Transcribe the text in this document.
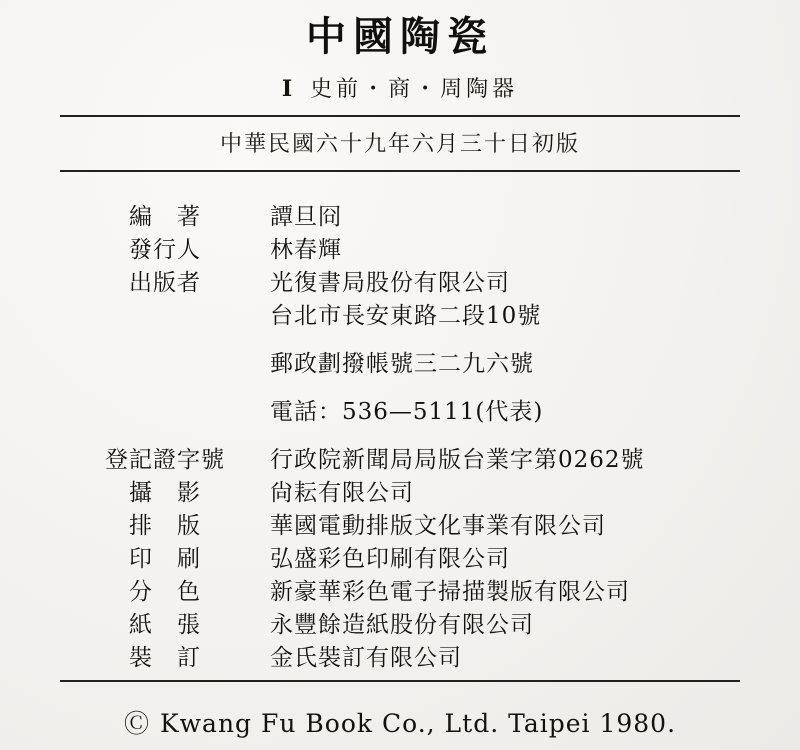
中國陶瓷
Ⅰ 史前・商・周陶器
中華民國六十九年六月三十日初版
編　著	譚旦冏
發行人	林春輝
出版者	光復書局股份有限公司
	台北市長安東路二段10號
	郵政劃撥帳號三二九六號
	電話：536—5111(代表)
登記證字號	行政院新聞局局版台業字第0262號
攝　影	尙耘有限公司
排　版	華國電動排版文化事業有限公司
印　刷	弘盛彩色印刷有限公司
分　色	新豪華彩色電子掃描製版有限公司
紙　張	永豐餘造紙股份有限公司
裝　訂	金氏裝訂有限公司
Ⓒ Kwang Fu Book Co., Ltd. Taipei 1980.
